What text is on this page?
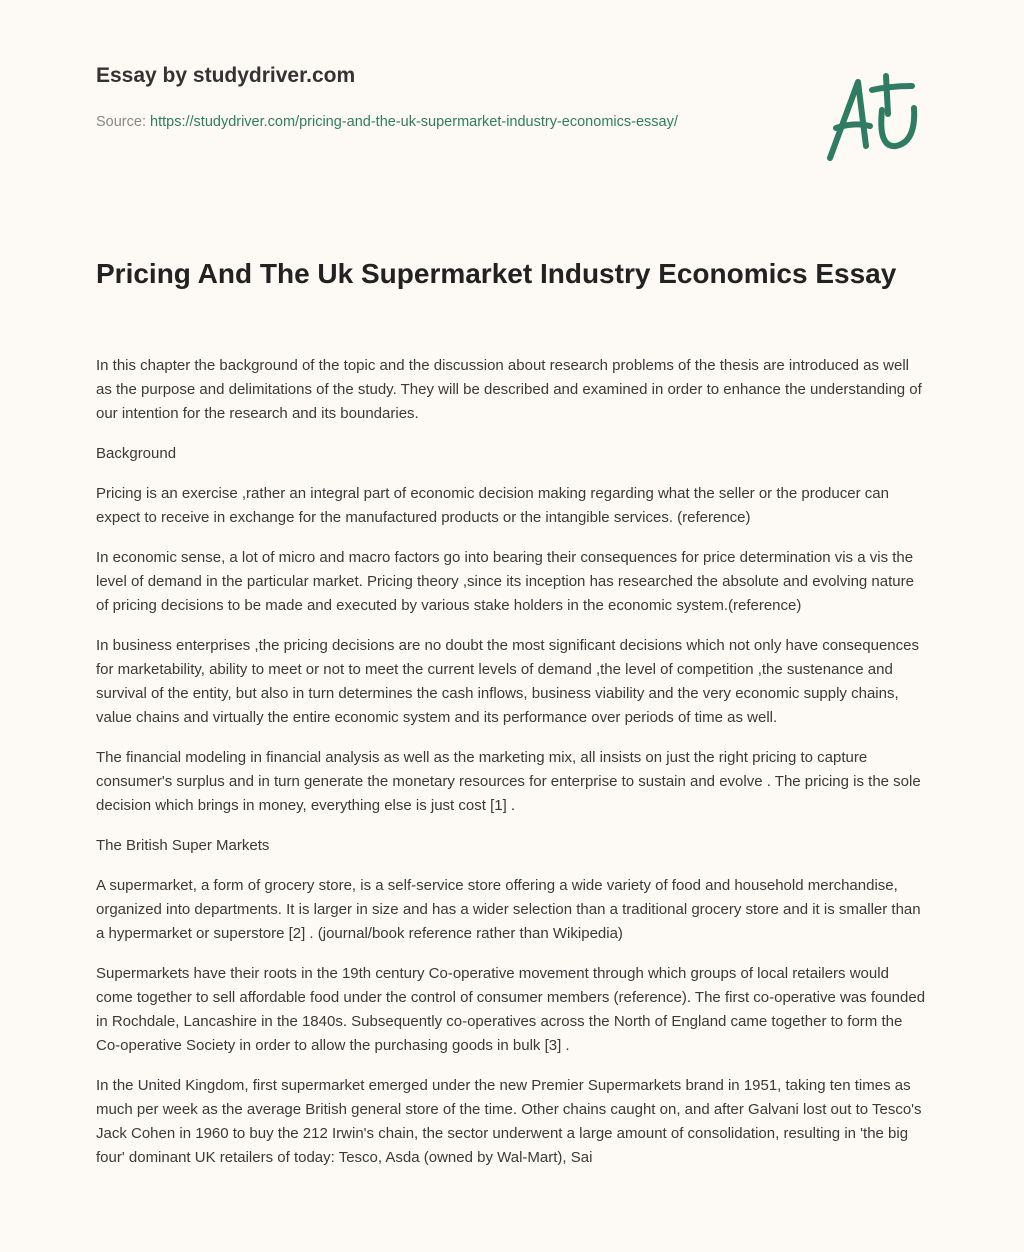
Essay by studydriver.com
Source: https://studydriver.com/pricing-and-the-uk-supermarket-industry-economics-essay/
Pricing And The Uk Supermarket Industry Economics Essay

In this chapter the background of the topic and the discussion about research problems of the thesis are introduced as well as the purpose and delimitations of the study. They will be described and examined in order to enhance the understanding of our intention for the research and its boundaries.

Background

Pricing is an exercise ,rather an integral part of economic decision making regarding what the seller or the producer can expect to receive in exchange for the manufactured products or the intangible services. (reference)

In economic sense, a lot of micro and macro factors go into bearing their consequences for price determination vis a vis the level of demand in the particular market. Pricing theory ,since its inception has researched the absolute and evolving nature of pricing decisions to be made and executed by various stake holders in the economic system.(reference)

In business enterprises ,the pricing decisions are no doubt the most significant decisions which not only have consequences for marketability, ability to meet or not to meet the current levels of demand ,the level of competition ,the sustenance and survival of the entity, but also in turn determines the cash inflows, business viability and the very economic supply chains, value chains and virtually the entire economic system and its performance over periods of time as well.

The financial modeling in financial analysis as well as the marketing mix, all insists on just the right pricing to capture consumer's surplus and in turn generate the monetary resources for enterprise to sustain and evolve . The pricing is the sole decision which brings in money, everything else is just cost [1] .

The British Super Markets

A supermarket, a form of grocery store, is a self-service store offering a wide variety of food and household merchandise, organized into departments. It is larger in size and has a wider selection than a traditional grocery store and it is smaller than a hypermarket or superstore [2] . (journal/book reference rather than Wikipedia)

Supermarkets have their roots in the 19th century Co-operative movement through which groups of local retailers would come together to sell affordable food under the control of consumer members (reference). The first co-operative was founded in Rochdale, Lancashire in the 1840s. Subsequently co-operatives across the North of England came together to form the Co-operative Society in order to allow the purchasing goods in bulk [3] .

In the United Kingdom, first supermarket emerged under the new Premier Supermarkets brand in 1951, taking ten times as much per week as the average British general store of the time. Other chains caught on, and after Galvani lost out to Tesco's Jack Cohen in 1960 to buy the 212 Irwin's chain, the sector underwent a large amount of consolidation, resulting in 'the big four' dominant UK retailers of today: Tesco, Asda (owned by Wal-Mart), Sai
